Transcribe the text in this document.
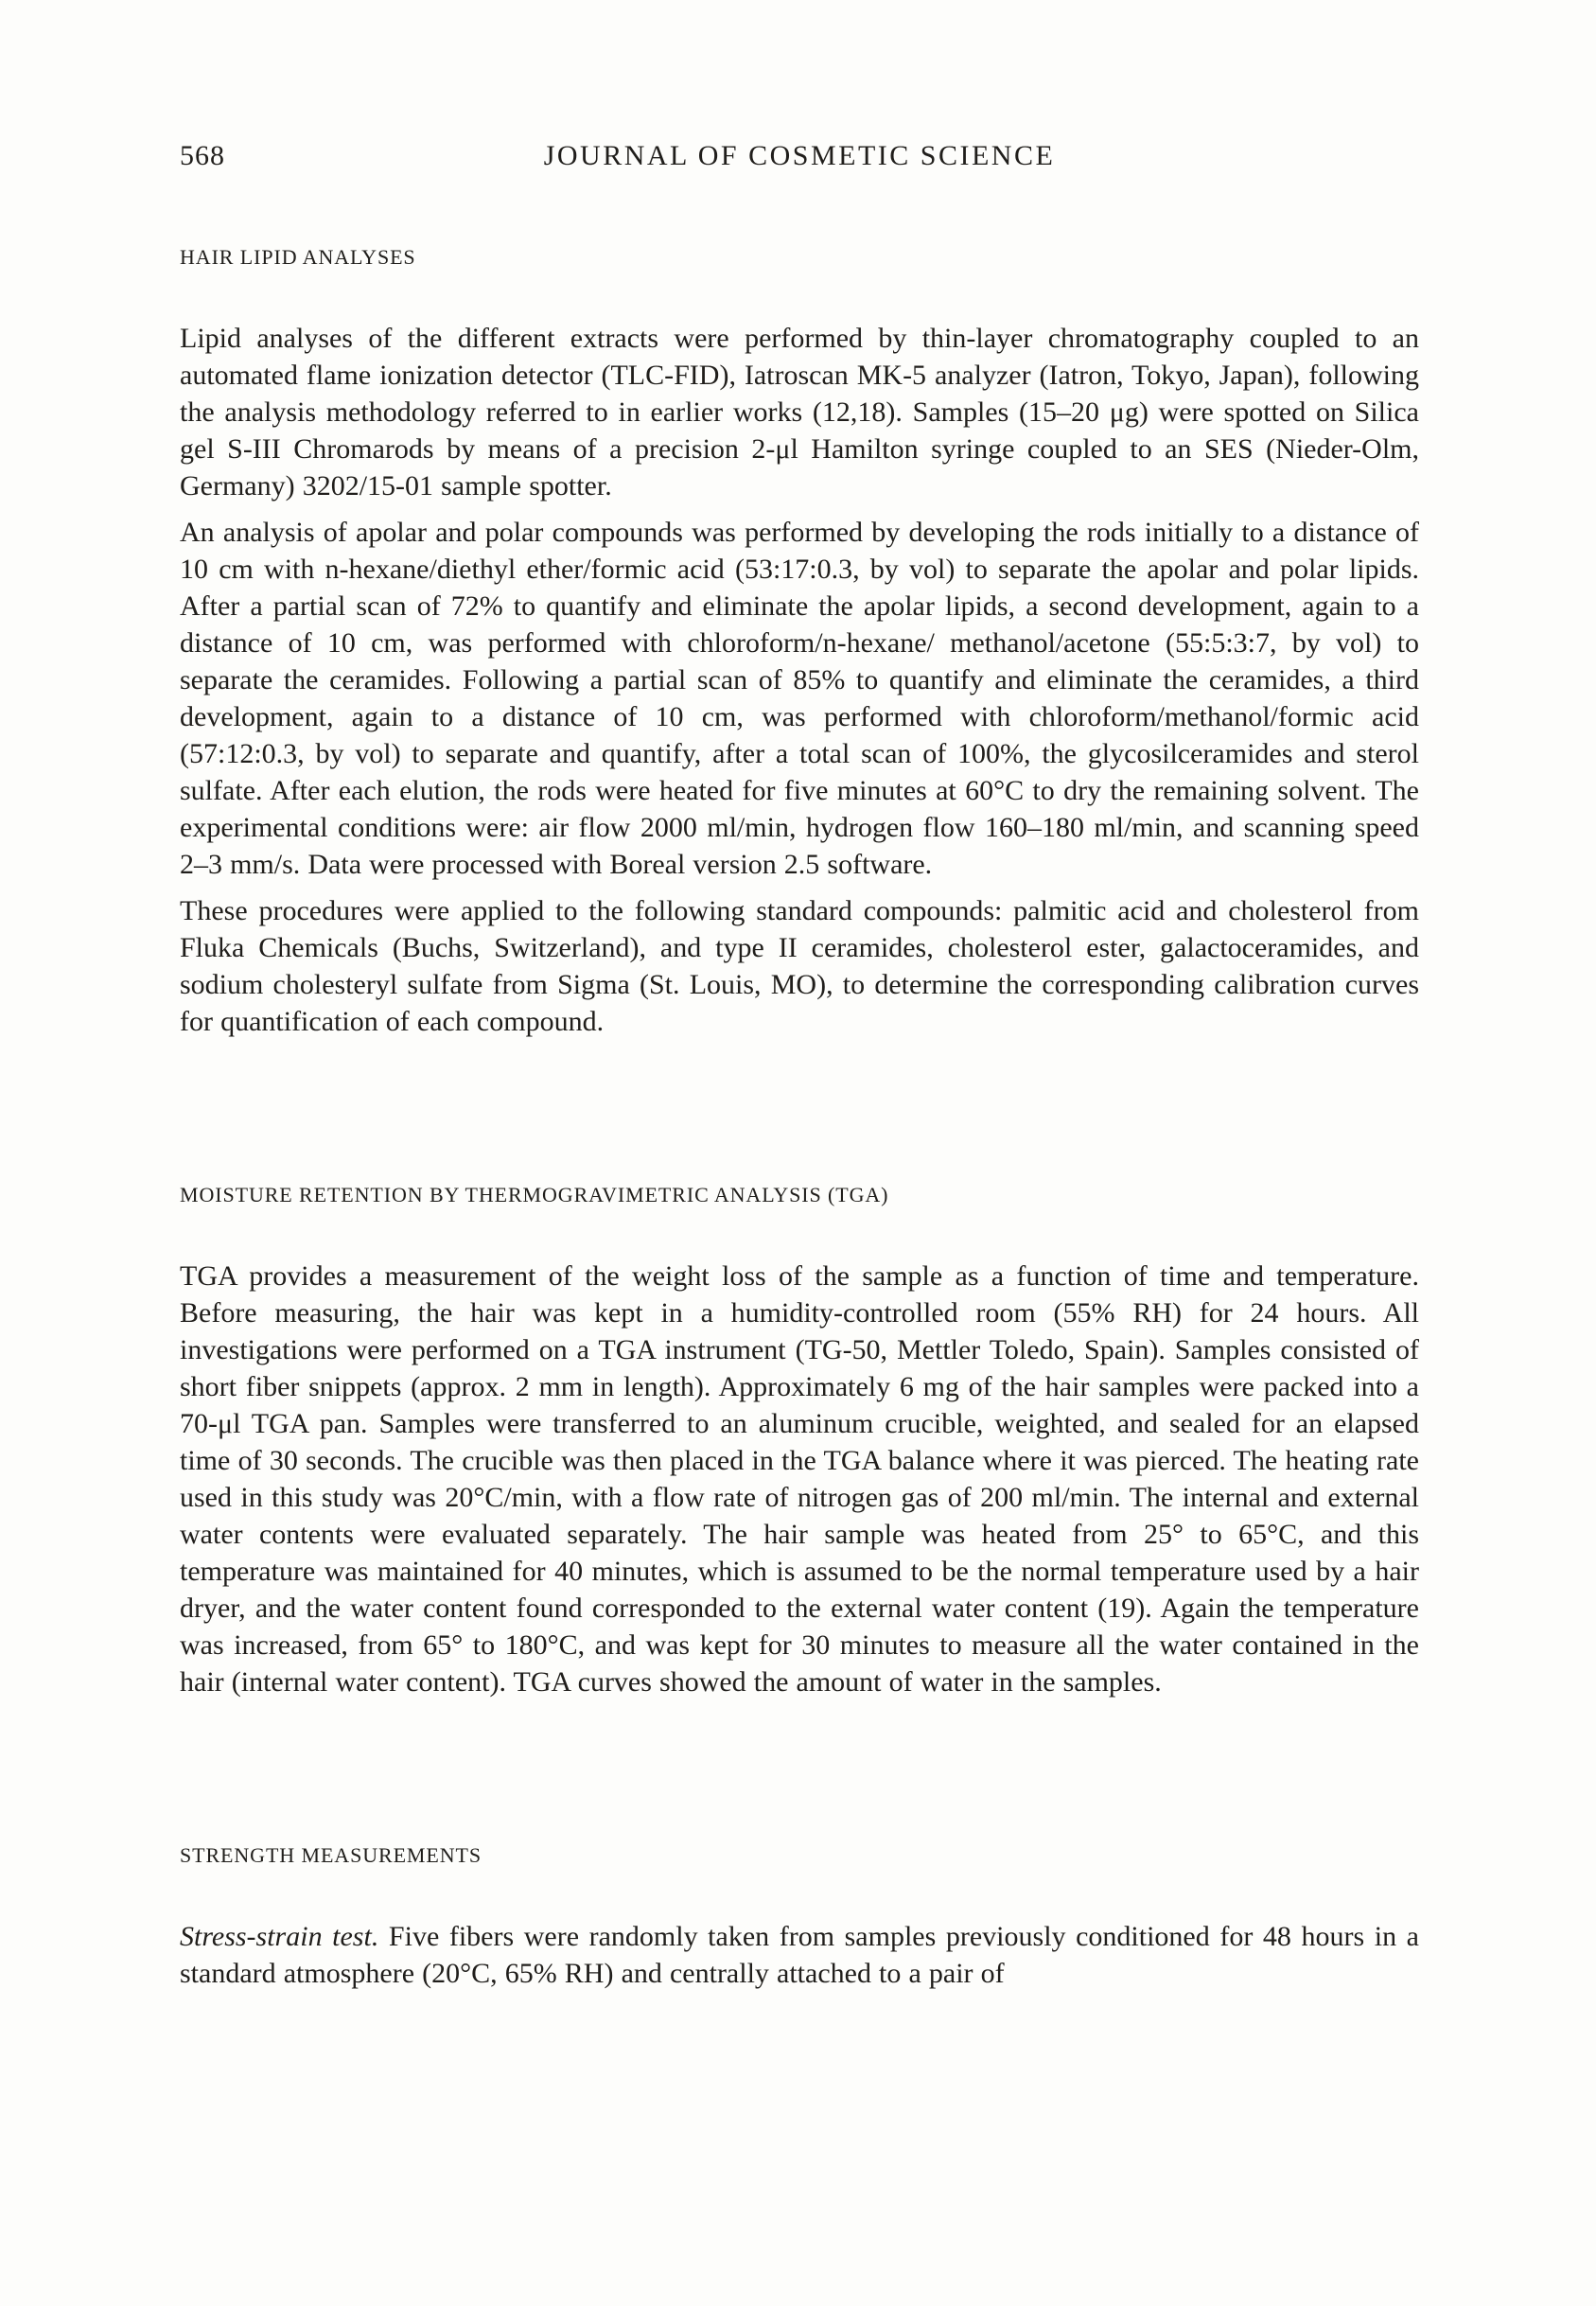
568	JOURNAL OF COSMETIC SCIENCE
HAIR LIPID ANALYSES

Lipid analyses of the different extracts were performed by thin-layer chromatography coupled to an automated flame ionization detector (TLC-FID), Iatroscan MK-5 analyzer (Iatron, Tokyo, Japan), following the analysis methodology referred to in earlier works (12,18). Samples (15–20 μg) were spotted on Silica gel S-III Chromarods by means of a precision 2-μl Hamilton syringe coupled to an SES (Nieder-Olm, Germany) 3202/15-01 sample spotter.

An analysis of apolar and polar compounds was performed by developing the rods initially to a distance of 10 cm with n-hexane/diethyl ether/formic acid (53:17:0.3, by vol) to separate the apolar and polar lipids. After a partial scan of 72% to quantify and eliminate the apolar lipids, a second development, again to a distance of 10 cm, was performed with chloroform/n-hexane/ methanol/acetone (55:5:3:7, by vol) to separate the ceramides. Following a partial scan of 85% to quantify and eliminate the ceramides, a third development, again to a distance of 10 cm, was performed with chloroform/methanol/formic acid (57:12:0.3, by vol) to separate and quantify, after a total scan of 100%, the glycosilceramides and sterol sulfate. After each elution, the rods were heated for five minutes at 60°C to dry the remaining solvent. The experimental conditions were: air flow 2000 ml/min, hydrogen flow 160–180 ml/min, and scanning speed 2–3 mm/s. Data were processed with Boreal version 2.5 software.

These procedures were applied to the following standard compounds: palmitic acid and cholesterol from Fluka Chemicals (Buchs, Switzerland), and type II ceramides, cholesterol ester, galactoceramides, and sodium cholesteryl sulfate from Sigma (St. Louis, MO), to determine the corresponding calibration curves for quantification of each compound.

MOISTURE RETENTION BY THERMOGRAVIMETRIC ANALYSIS (TGA)

TGA provides a measurement of the weight loss of the sample as a function of time and temperature. Before measuring, the hair was kept in a humidity-controlled room (55% RH) for 24 hours. All investigations were performed on a TGA instrument (TG-50, Mettler Toledo, Spain). Samples consisted of short fiber snippets (approx. 2 mm in length). Approximately 6 mg of the hair samples were packed into a 70-μl TGA pan. Samples were transferred to an aluminum crucible, weighted, and sealed for an elapsed time of 30 seconds. The crucible was then placed in the TGA balance where it was pierced. The heating rate used in this study was 20°C/min, with a flow rate of nitrogen gas of 200 ml/min. The internal and external water contents were evaluated separately. The hair sample was heated from 25° to 65°C, and this temperature was maintained for 40 minutes, which is assumed to be the normal temperature used by a hair dryer, and the water content found corresponded to the external water content (19). Again the temperature was increased, from 65° to 180°C, and was kept for 30 minutes to measure all the water contained in the hair (internal water content). TGA curves showed the amount of water in the samples.

STRENGTH MEASUREMENTS

Stress-strain test. Five fibers were randomly taken from samples previously conditioned for 48 hours in a standard atmosphere (20°C, 65% RH) and centrally attached to a pair of
